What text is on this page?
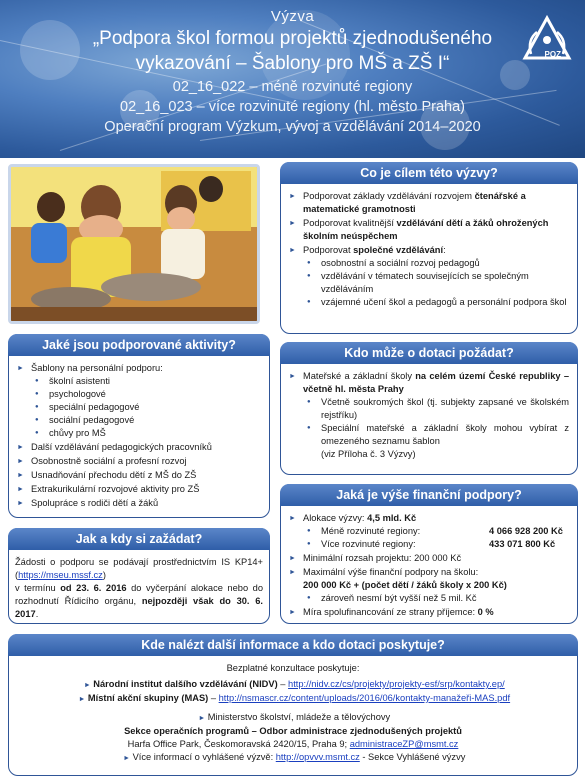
Výzva
„Podpora škol formou projektů zjednodušeného
vykazování – Šablony pro MŠ a ZŠ I“
02_16_022 – méně rozvinuté regiony
02_16_023 – více rozvinuté regiony (hl. město Praha)
Operační program Výzkum, vývoj a vzdělávání 2014–2020
POZ
Co je cílem této výzvy?
► Podporovat základy vzdělávání rozvojem čtenářské a matematické gramotnosti
► Podporovat kvalitnější vzdělávání dětí a žáků ohrožených školním neúspěchem
► Podporovat společné vzdělávání:
● osobnostní a sociální rozvoj pedagogů
● vzdělávání v tématech souvisejících se společným vzděláváním
● vzájemné učení škol a pedagogů a personální podpora škol
Jaké jsou podporované aktivity?
► Šablony na personální podporu:
● školní asistenti
● psychologové
● speciální pedagogové
● sociální pedagogové
● chůvy pro MŠ
► Další vzdělávání pedagogických pracovníků
► Osobnostně sociální a profesní rozvoj
► Usnadňování přechodu dětí z MŠ do ZŠ
► Extrakurikulární rozvojové aktivity pro ZŠ
► Spolupráce s rodiči dětí a žáků
Kdo může o dotaci požádat?
► Mateřské a základní školy na celém území České republiky – včetně hl. města Prahy
● Včetně soukromých škol (tj. subjekty zapsané ve školském rejstříku)
● Speciální mateřské a základní školy mohou vybírat z omezeného seznamu šablon
(viz Příloha č. 3 Výzvy)
Jak a kdy si zažádat?
Žádosti o podporu se podávají prostřednictvím IS KP14+ (https://mseu.mssf.cz)
v termínu od 23. 6. 2016 do vyčerpání alokace nebo do rozhodnutí Řídicího orgánu, nejpozději však do 30. 6. 2017.
Jaká je výše finanční podpory?
► Alokace výzvy: 4,5 mld. Kč
● Méně rozvinuté regiony:	4 066 928 200 Kč
● Více rozvinuté regiony:	433 071 800 Kč
► Minimální rozsah projektu: 200 000 Kč
► Maximální výše finanční podpory na školu:
200 000 Kč + (počet dětí / žáků školy x 200 Kč)
● zároveň nesmí být vyšší než 5 mil. Kč
► Míra spolufinancování ze strany příjemce: 0 %
Kde nalézt další informace a kdo dotaci poskytuje?
Bezplatné konzultace poskytuje:
► Národní institut dalšího vzdělávání (NIDV) – http://nidv.cz/cs/projekty/projekty-esf/srp/kontakty.ep/
► Místní akční skupiny (MAS) – http://nsmascr.cz/content/uploads/2016/06/kontakty-manažeři-MAS.pdf
► Ministerstvo školství, mládeže a tělovýchovy
Sekce operačních programů – Odbor administrace zjednodušených projektů
Harfa Office Park, Českomoravská 2420/15, Praha 9; administraceZP@msmt.cz
► Více informací o vyhlášené výzvě: http://opvvv.msmt.cz - Sekce Vyhlášené výzvy
